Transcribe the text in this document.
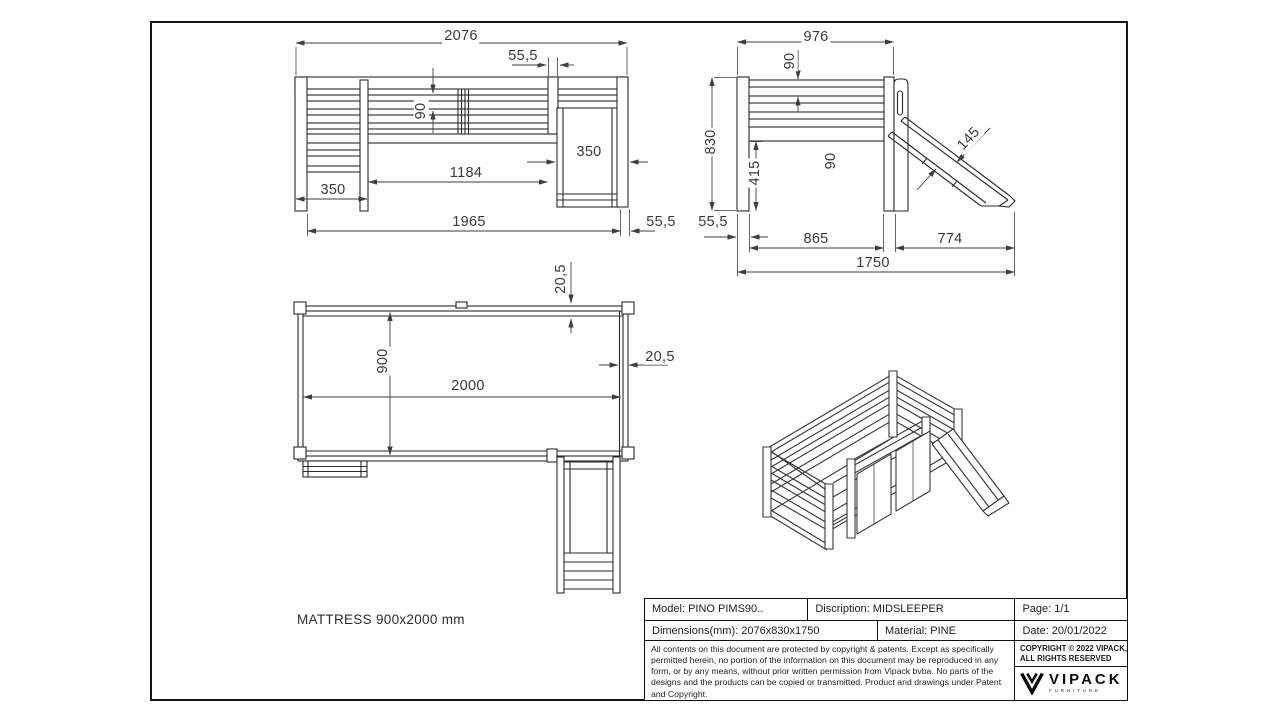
2076
55,5
90
350
1184
350
1965	55,5
976
90
830
415	90
145
55,5
865	774
1750
20,5
900
2000
20,5
MATTRESS 900x2000 mm
Model: PINO PIMS90..	Discription: MIDSLEEPER	Page: 1/1
Dimensions(mm): 2076x830x1750	Material: PINE	Date: 20/01/2022
All contents on this document are protected by copyright & patents. Except as specifically permitted herein, no portion of the information on this document may be reproduced in any form, or by any means, without prior written permission from Vipack bvba. No parts of the designs and the products can be copied or transmitted. Product and drawings under Patent and Copyright.
COPYRIGHT © 2022 VIPACK,
ALL RIGHTS RESERVED
VIPACK
FURNITURE
